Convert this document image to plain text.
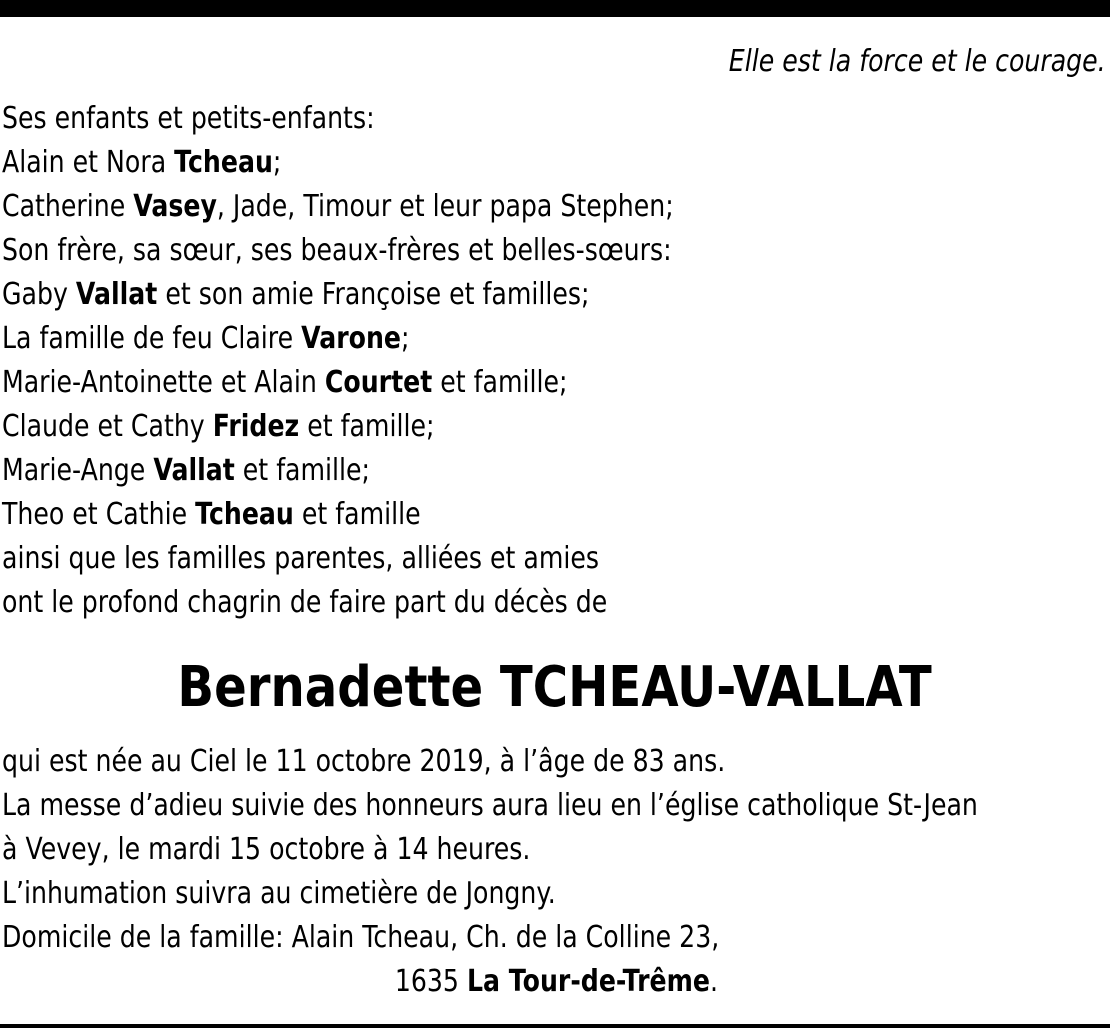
Elle est la force et le courage.
Ses enfants et petits-enfants:
Alain et Nora Tcheau;
Catherine Vasey, Jade, Timour et leur papa Stephen;
Son frère, sa sœur, ses beaux-frères et belles-sœurs:
Gaby Vallat et son amie Françoise et familles;
La famille de feu Claire Varone;
Marie-Antoinette et Alain Courtet et famille;
Claude et Cathy Fridez et famille;
Marie-Ange Vallat et famille;
Theo et Cathie Tcheau et famille
ainsi que les familles parentes, alliées et amies
ont le profond chagrin de faire part du décès de
Bernadette TCHEAU-VALLAT
qui est née au Ciel le 11 octobre 2019, à l’âge de 83 ans.
La messe d’adieu suivie des honneurs aura lieu en l’église catholique St-Jean
à Vevey, le mardi 15 octobre à 14 heures.
L’inhumation suivra au cimetière de Jongny.
Domicile de la famille: Alain Tcheau, Ch. de la Colline 23,
1635 La Tour-de-Trême.
